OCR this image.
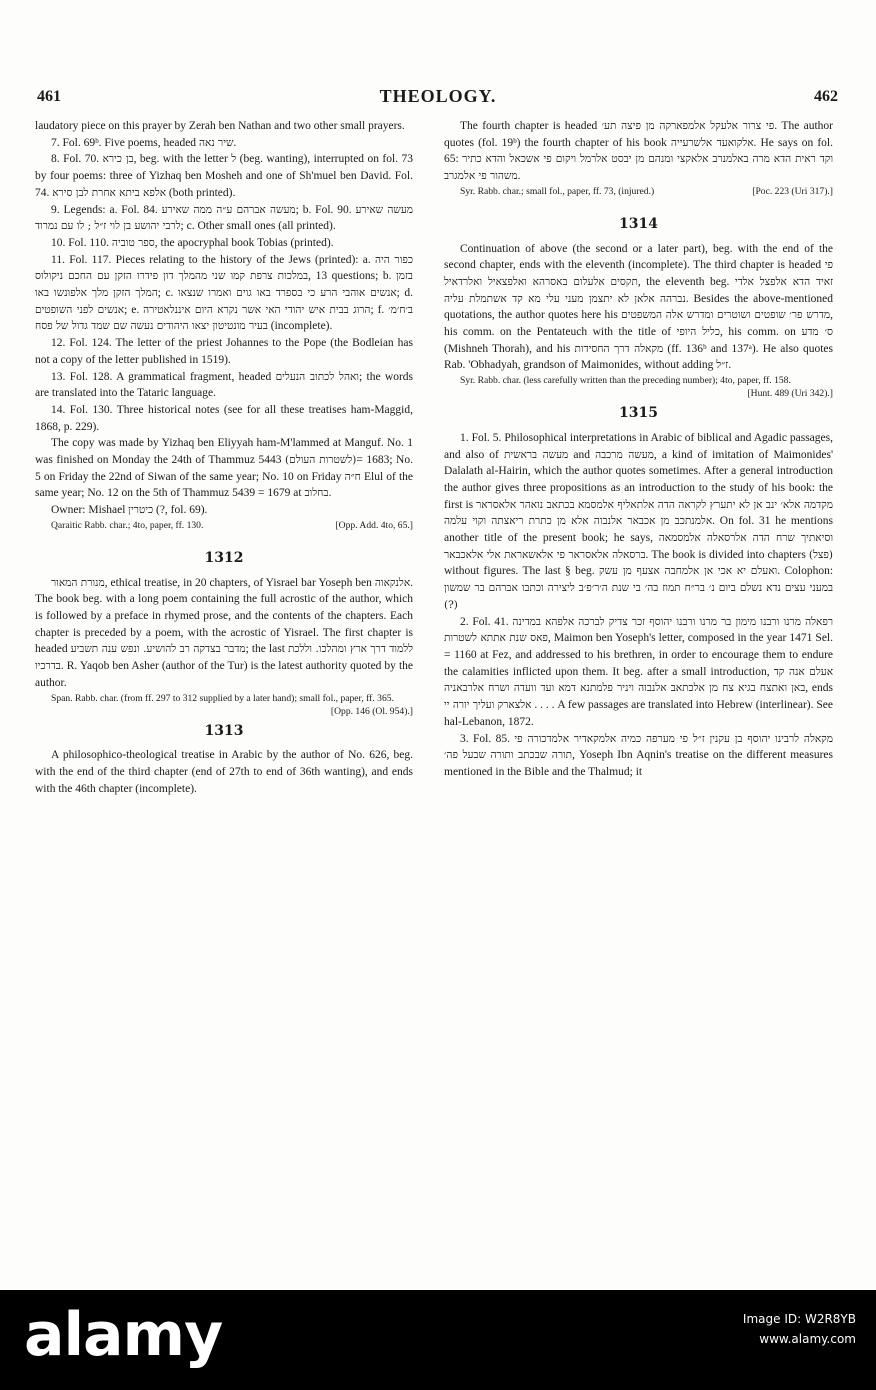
461	THEOLOGY.	462

laudatory piece on this prayer by Zerah ben Nathan and two other small prayers.

7. Fol. 69ᵇ. Five poems, headed שיר נאה.

8. Fol. 70. בן כירא, beg. with the letter ל (beg. wanting), interrupted on fol. 73 by four poems: three of Yizhaq ben Mosheh and one of Sh'muel ben David. Fol. 74. אלפא ביתא אחרת לבן סירא (both printed).

9. Legends: a. Fol. 84. מעשה אברהם ע״ה ממה שאירע; b. Fol. 90. מעשה שאירע לרבי יהושע בן לוי ז״ל ; לו עם נמרוד; c. Other small ones (all printed).

10. Fol. 110. ספר טוביה, the apocryphal book Tobias (printed).

11. Fol. 117. Pieces relating to the history of the Jews (printed): a. כפור היה מהמלך דון פידרו הזקן עם החכם ניקולוס במלכות צרפת קמו שני, 13 questions; b. בזמן המלך הזקן מלך אלפונשו באו; c. אנשים אוהבי הרע כי בספרד באו גוים ואמרו שנצאו; d. אנשים לפני השופטים; e. הרוג בבית איש יהודי האי אשר נקרא היום איננלאטירה; f. ב׳ח׳מ׳ בעיר מונטיטון יצאו היהודים נעשה שם שמד גדול של פסח (incomplete).

12. Fol. 124. The letter of the priest Johannes to the Pope (the Bodleian has not a copy of the letter published in 1519).

13. Fol. 128. A grammatical fragment, headed ואהל לכתוב הנעלים; the words are translated into the Tataric language.

14. Fol. 130. Three historical notes (see for all these treatises ham-Maggid, 1868, p. 229).

The copy was made by Yizhaq ben Eliyyah ham-M'lammed at Manguf. No. 1 was finished on Monday the 24th of Thammuz 5443 (לשטרות העולם)= 1683; No. 5 on Friday the 22nd of Siwan of the same year; No. 10 on Friday ח״ה Elul of the same year; No. 12 on the 5th of Thammuz 5439 = 1679 at בחלוב.

Owner: Mishael כיטרין (?, fol. 69).

Qaraitic Rabb. char.; 4to, paper, ff. 130.	[Opp. Add. 4to, 65.]

1312

מנורת המאור, ethical treatise, in 20 chapters, of Yisrael bar Yoseph ben אלנקאוה. The book beg. with a long poem containing the full acrostic of the author, which is followed by a preface in rhymed prose, and the contents of the chapters. Each chapter is preceded by a poem, with the acrostic of Yisrael. The first chapter is headed מדבר בצדקה רב להושיע. ונפש ענה תשביע; the last ללמוד דרך ארץ ומהלכו. וללכת בדרכיו. R. Yaqob ben Asher (author of the Tur) is the latest authority quoted by the author.

Span. Rabb. char. (from ff. 297 to 312 supplied by a later hand); small fol., paper, ff. 365.
[Opp. 146 (Ol. 954).]

1313

A philosophico-theological treatise in Arabic by the author of No. 626, beg. with the end of the third chapter (end of 27th to end of 36th wanting), and ends with the 46th chapter (incomplete).

The fourth chapter is headed פי צרור אלעקל אלמפארקה מן פיצה תע׳. The author quotes (fol. 19ᵇ) the fourth chapter of his book אלקואעד אלשרעייה. He says on fol. 65: וקד ראית הדא מרה באלמנרב אלאקצי ומנהם מן יבסט אלרמל ויקום פי אשכאל והדא כתיר משהור פי אלמגרב.

Syr. Rabb. char.; small fol., paper, ff. 73, (injured.)	[Poc. 223 (Uri 317).]

1314

Continuation of above (the second or a later part), beg. with the end of the second chapter, ends with the eleventh (incomplete). The third chapter is headed פי תקסים אלעלום באסרהא ואלפצאיל ואלרדאיל, the eleventh beg. זאיד הדא אלפצל אלדי נברהה אלאן לא יתצמן מעני עלי מא קד אשתמלת עליה. Besides the above-mentioned quotations, the author quotes here his מדרש פר׳ שופטים ושוטרים ומדרש אלה המשפטים, his comm. on the Pentateuch with the title of כליל היופי, his comm. on ס׳ מדע (Mishneh Thorah), and his מקאלה דרך החסידות (ff. 136ᵇ and 137ᵃ). He also quotes Rab. 'Obhadyah, grandson of Maimonides, without adding ז״ל.

Syr. Rabb. char. (less carefully written than the preceding number); 4to, paper, ff. 158.
[Hunt. 489 (Uri 342).]

1315

1. Fol. 5. Philosophical interpretations in Arabic of biblical and Agadic passages, and also of מעשה בראשית and מעשה מרכבה, a kind of imitation of Maimonides' Dalalath al-Hairin, which the author quotes sometimes. After a general introduction the author gives three propositions as an introduction to the study of his book: the first is מקדמה אלא׳ ינב אן לא יתערץ לקראה הדה אלתאליף אלמסמא בכתאב נואהר אלאסראר אלמנתכב מן אכבאר אלנבוה אלא מן כתרת ריאצתה וקוי עלמה. On fol. 31 he mentions another title of the present book; he says, וסיאתיך שרח הדה אלרסאלה אלמסמאה ברסאלה אלאסראר פי אלאשאראת אלי אלאכבאר. The book is divided into chapters (פצל) without figures. The last § beg. ואעלם יא אכי אן אלמחבה אצעף מן עשק. Colophon: במעני עצים נדא נשלם ביום נ׳ בר״ח תמוז בה׳ בי שנת ה׳ר׳פ׳ב ליצירה וכתבו אברהם בר שמשון (?)

2. Fol. 41. רפאלה מרנו ורבנו מימון בר מרנו ורבנו יהוסף זכר צדיק לברכה אלפהא במדינה פאס שנת אתתא לשטרות, Maimon ben Yoseph's letter, composed in the year 1471 Sel. = 1160 at Fez, and addressed to his brethren, in order to encourage them to endure the calamities inflicted upon them. It beg. after a small introduction, אעלם אנה קד באן ואתצח בגיא צח מן אלכתאב אלנבוה ויניר פלמתנא דמא ועד וועדה ושרח אלרבאניה, ends אלצארק ועליך יורה יי . . . . A few passages are translated into Hebrew (interlinear). See hal-Lebanon, 1872.

3. Fol. 85. מקאלה לרבינו יהוסף בן עקנין ז״ל פי מערפה כמיה אלמקאדיר אלמדכורה פי תורה שבכתב ותורה שבעל פה׳, Yoseph Ibn Aqnin's treatise on the different measures mentioned in the Bible and the Thalmud; it

alamy	Image ID: W2R8YB
www.alamy.com
